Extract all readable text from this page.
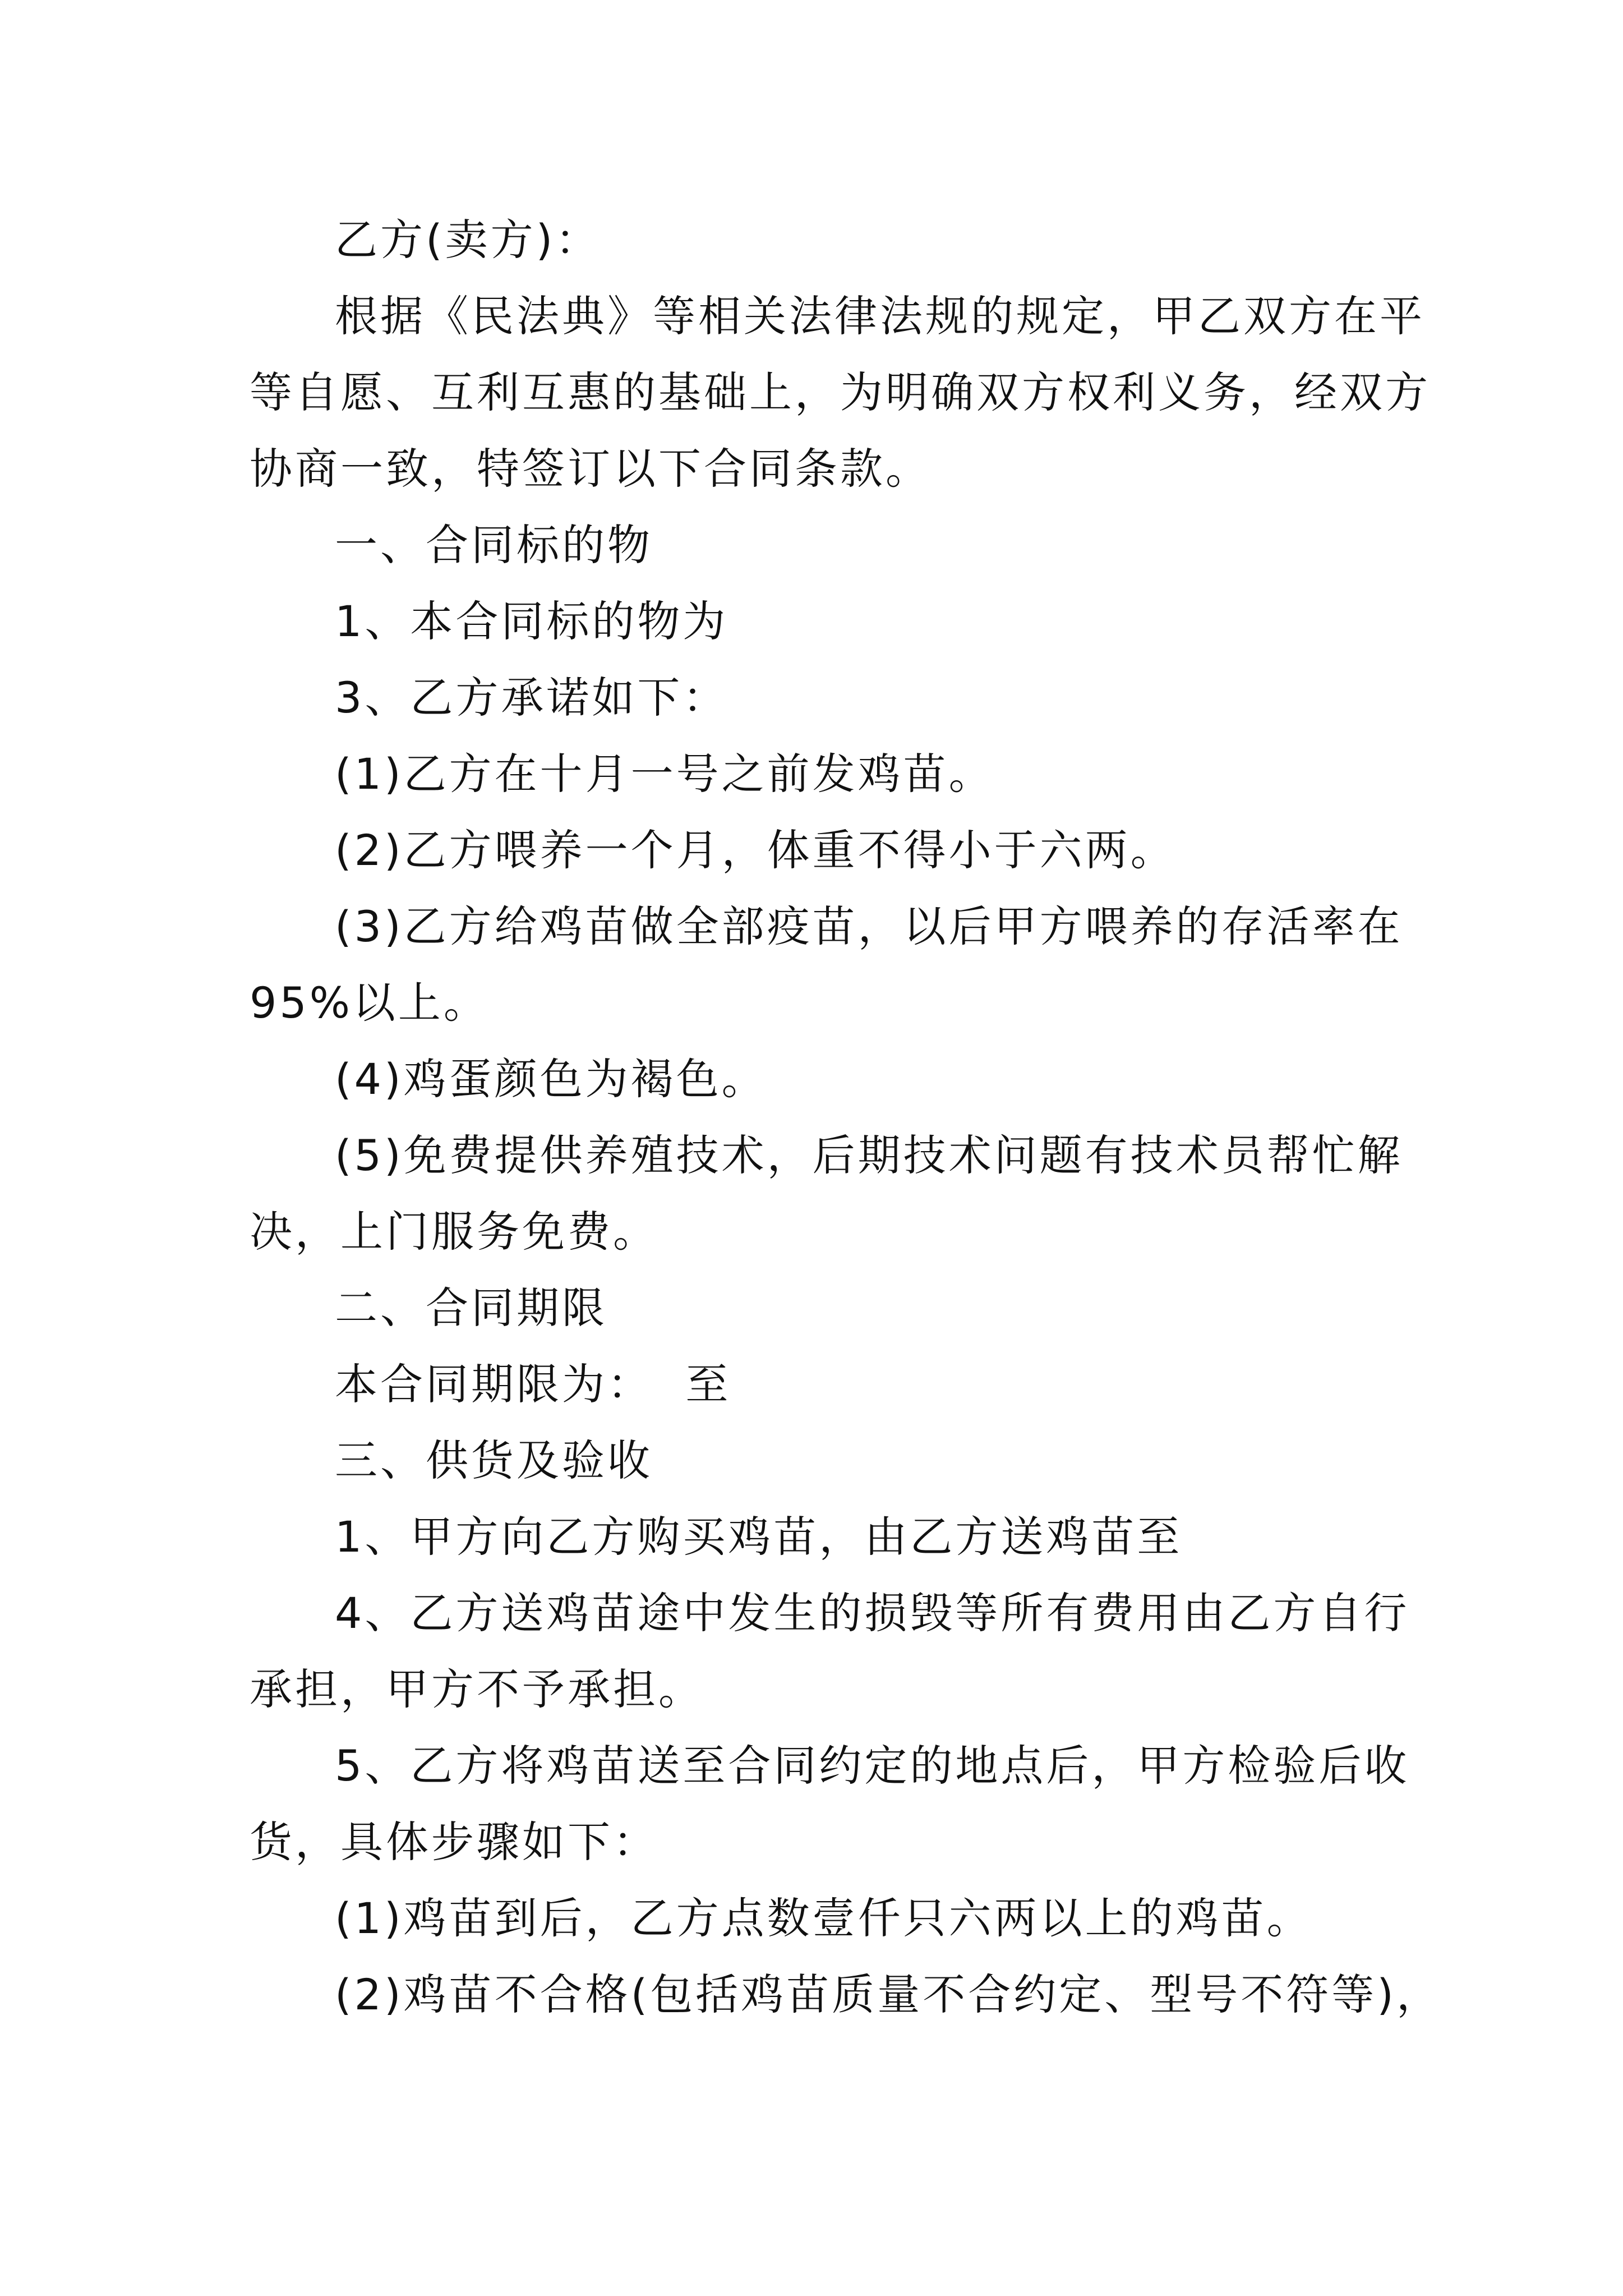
乙方(卖方)：
根据《民法典》等相关法律法规的规定，甲乙双方在平
等自愿、互利互惠的基础上，为明确双方权利义务，经双方
协商一致，特签订以下合同条款。
一、合同标的物
1、本合同标的物为
3、乙方承诺如下：
(1)乙方在十月一号之前发鸡苗。
(2)乙方喂养一个月，体重不得小于六两。
(3)乙方给鸡苗做全部疫苗，以后甲方喂养的存活率在
95%以上。
(4)鸡蛋颜色为褐色。
(5)免费提供养殖技术，后期技术问题有技术员帮忙解
决，上门服务免费。
二、合同期限
本合同期限为：  至
三、供货及验收
1、甲方向乙方购买鸡苗，由乙方送鸡苗至
4、乙方送鸡苗途中发生的损毁等所有费用由乙方自行
承担，甲方不予承担。
5、乙方将鸡苗送至合同约定的地点后，甲方检验后收
货，具体步骤如下：
(1)鸡苗到后，乙方点数壹仟只六两以上的鸡苗。
(2)鸡苗不合格(包括鸡苗质量不合约定、型号不符等)，
